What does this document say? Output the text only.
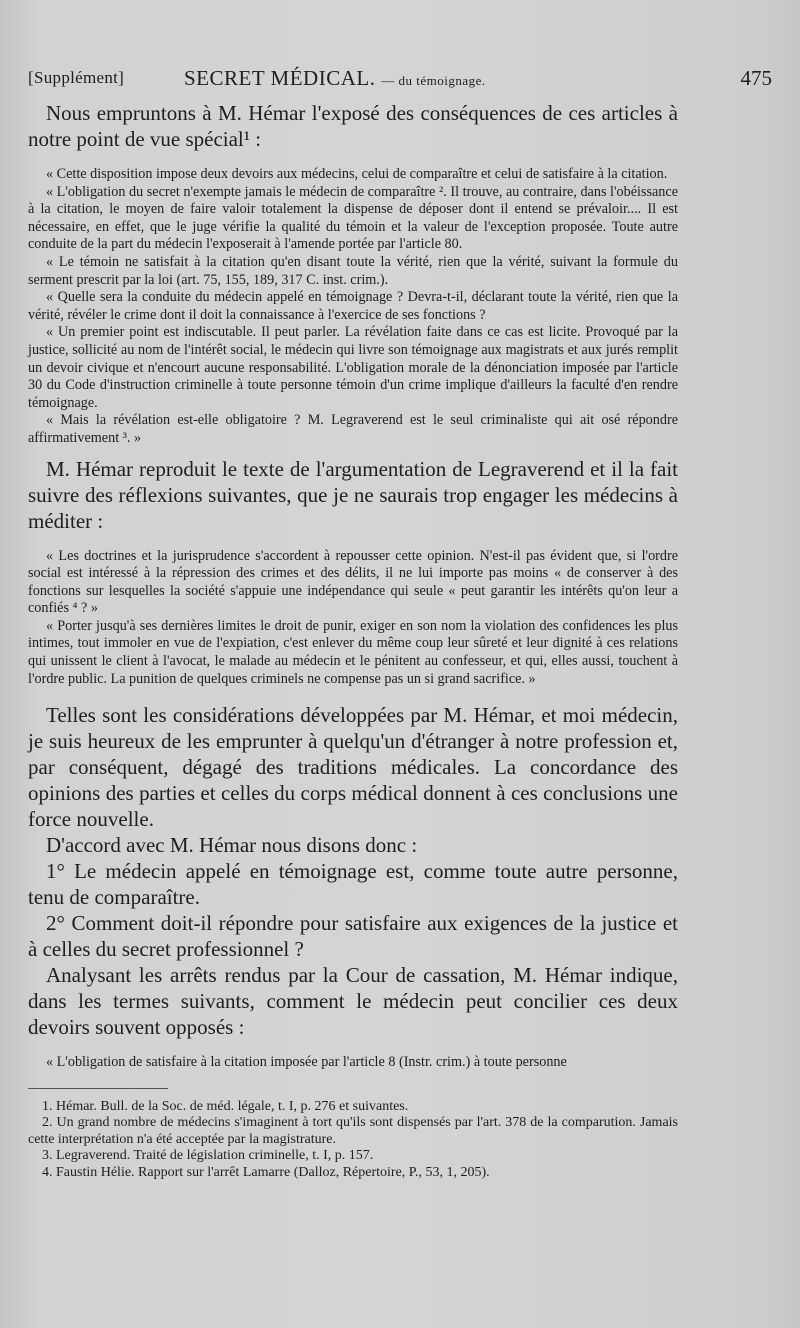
[Supplément]	SECRET MÉDICAL. — du témoignage.	475

Nous empruntons à M. Hémar l'exposé des conséquences de ces articles à notre point de vue spécial¹ :

« Cette disposition impose deux devoirs aux médecins, celui de comparaître et celui de satisfaire à la citation.

« L'obligation du secret n'exempte jamais le médecin de comparaître ². Il trouve, au contraire, dans l'obéissance à la citation, le moyen de faire valoir totalement la dispense de déposer dont il entend se prévaloir.... Il est nécessaire, en effet, que le juge vérifie la qualité du témoin et la valeur de l'exception proposée. Toute autre conduite de la part du médecin l'exposerait à l'amende portée par l'article 80.

« Le témoin ne satisfait à la citation qu'en disant toute la vérité, rien que la vérité, suivant la formule du serment prescrit par la loi (art. 75, 155, 189, 317 C. inst. crim.).

« Quelle sera la conduite du médecin appelé en témoignage ? Devra-t-il, déclarant toute la vérité, rien que la vérité, révéler le crime dont il doit la connaissance à l'exercice de ses fonctions ?

« Un premier point est indiscutable. Il peut parler. La révélation faite dans ce cas est licite. Provoqué par la justice, sollicité au nom de l'intérêt social, le médecin qui livre son témoignage aux magistrats et aux jurés remplit un devoir civique et n'encourt aucune responsabilité. L'obligation morale de la dénonciation imposée par l'article 30 du Code d'instruction criminelle à toute personne témoin d'un crime implique d'ailleurs la faculté d'en rendre témoignage.

« Mais la révélation est-elle obligatoire ? M. Legraverend est le seul criminaliste qui ait osé répondre affirmativement ³. »

M. Hémar reproduit le texte de l'argumentation de Legraverend et il la fait suivre des réflexions suivantes, que je ne saurais trop engager les médecins à méditer :

« Les doctrines et la jurisprudence s'accordent à repousser cette opinion. N'est-il pas évident que, si l'ordre social est intéressé à la répression des crimes et des délits, il ne lui importe pas moins « de conserver à des fonctions sur lesquelles la société s'appuie une indépendance qui seule « peut garantir les intérêts qu'on leur a confiés ⁴ ? »

« Porter jusqu'à ses dernières limites le droit de punir, exiger en son nom la violation des confidences les plus intimes, tout immoler en vue de l'expiation, c'est enlever du même coup leur sûreté et leur dignité à ces relations qui unissent le client à l'avocat, le malade au médecin et le pénitent au confesseur, et qui, elles aussi, touchent à l'ordre public. La punition de quelques criminels ne compense pas un si grand sacrifice. »

Telles sont les considérations développées par M. Hémar, et moi médecin, je suis heureux de les emprunter à quelqu'un d'étranger à notre profession et, par conséquent, dégagé des traditions médicales. La concordance des opinions des parties et celles du corps médical donnent à ces conclusions une force nouvelle.

D'accord avec M. Hémar nous disons donc :

1° Le médecin appelé en témoignage est, comme toute autre personne, tenu de comparaître.

2° Comment doit-il répondre pour satisfaire aux exigences de la justice et à celles du secret professionnel ?

Analysant les arrêts rendus par la Cour de cassation, M. Hémar indique, dans les termes suivants, comment le médecin peut concilier ces deux devoirs souvent opposés :

« L'obligation de satisfaire à la citation imposée par l'article 8 (Instr. crim.) à toute personne

1. Hémar. Bull. de la Soc. de méd. légale, t. I, p. 276 et suivantes.
2. Un grand nombre de médecins s'imaginent à tort qu'ils sont dispensés par l'art. 378 de la comparution. Jamais cette interprétation n'a été acceptée par la magistrature.
3. Legraverend. Traité de législation criminelle, t. I, p. 157.
4. Faustin Hélie. Rapport sur l'arrêt Lamarre (Dalloz, Répertoire, P., 53, 1, 205).
